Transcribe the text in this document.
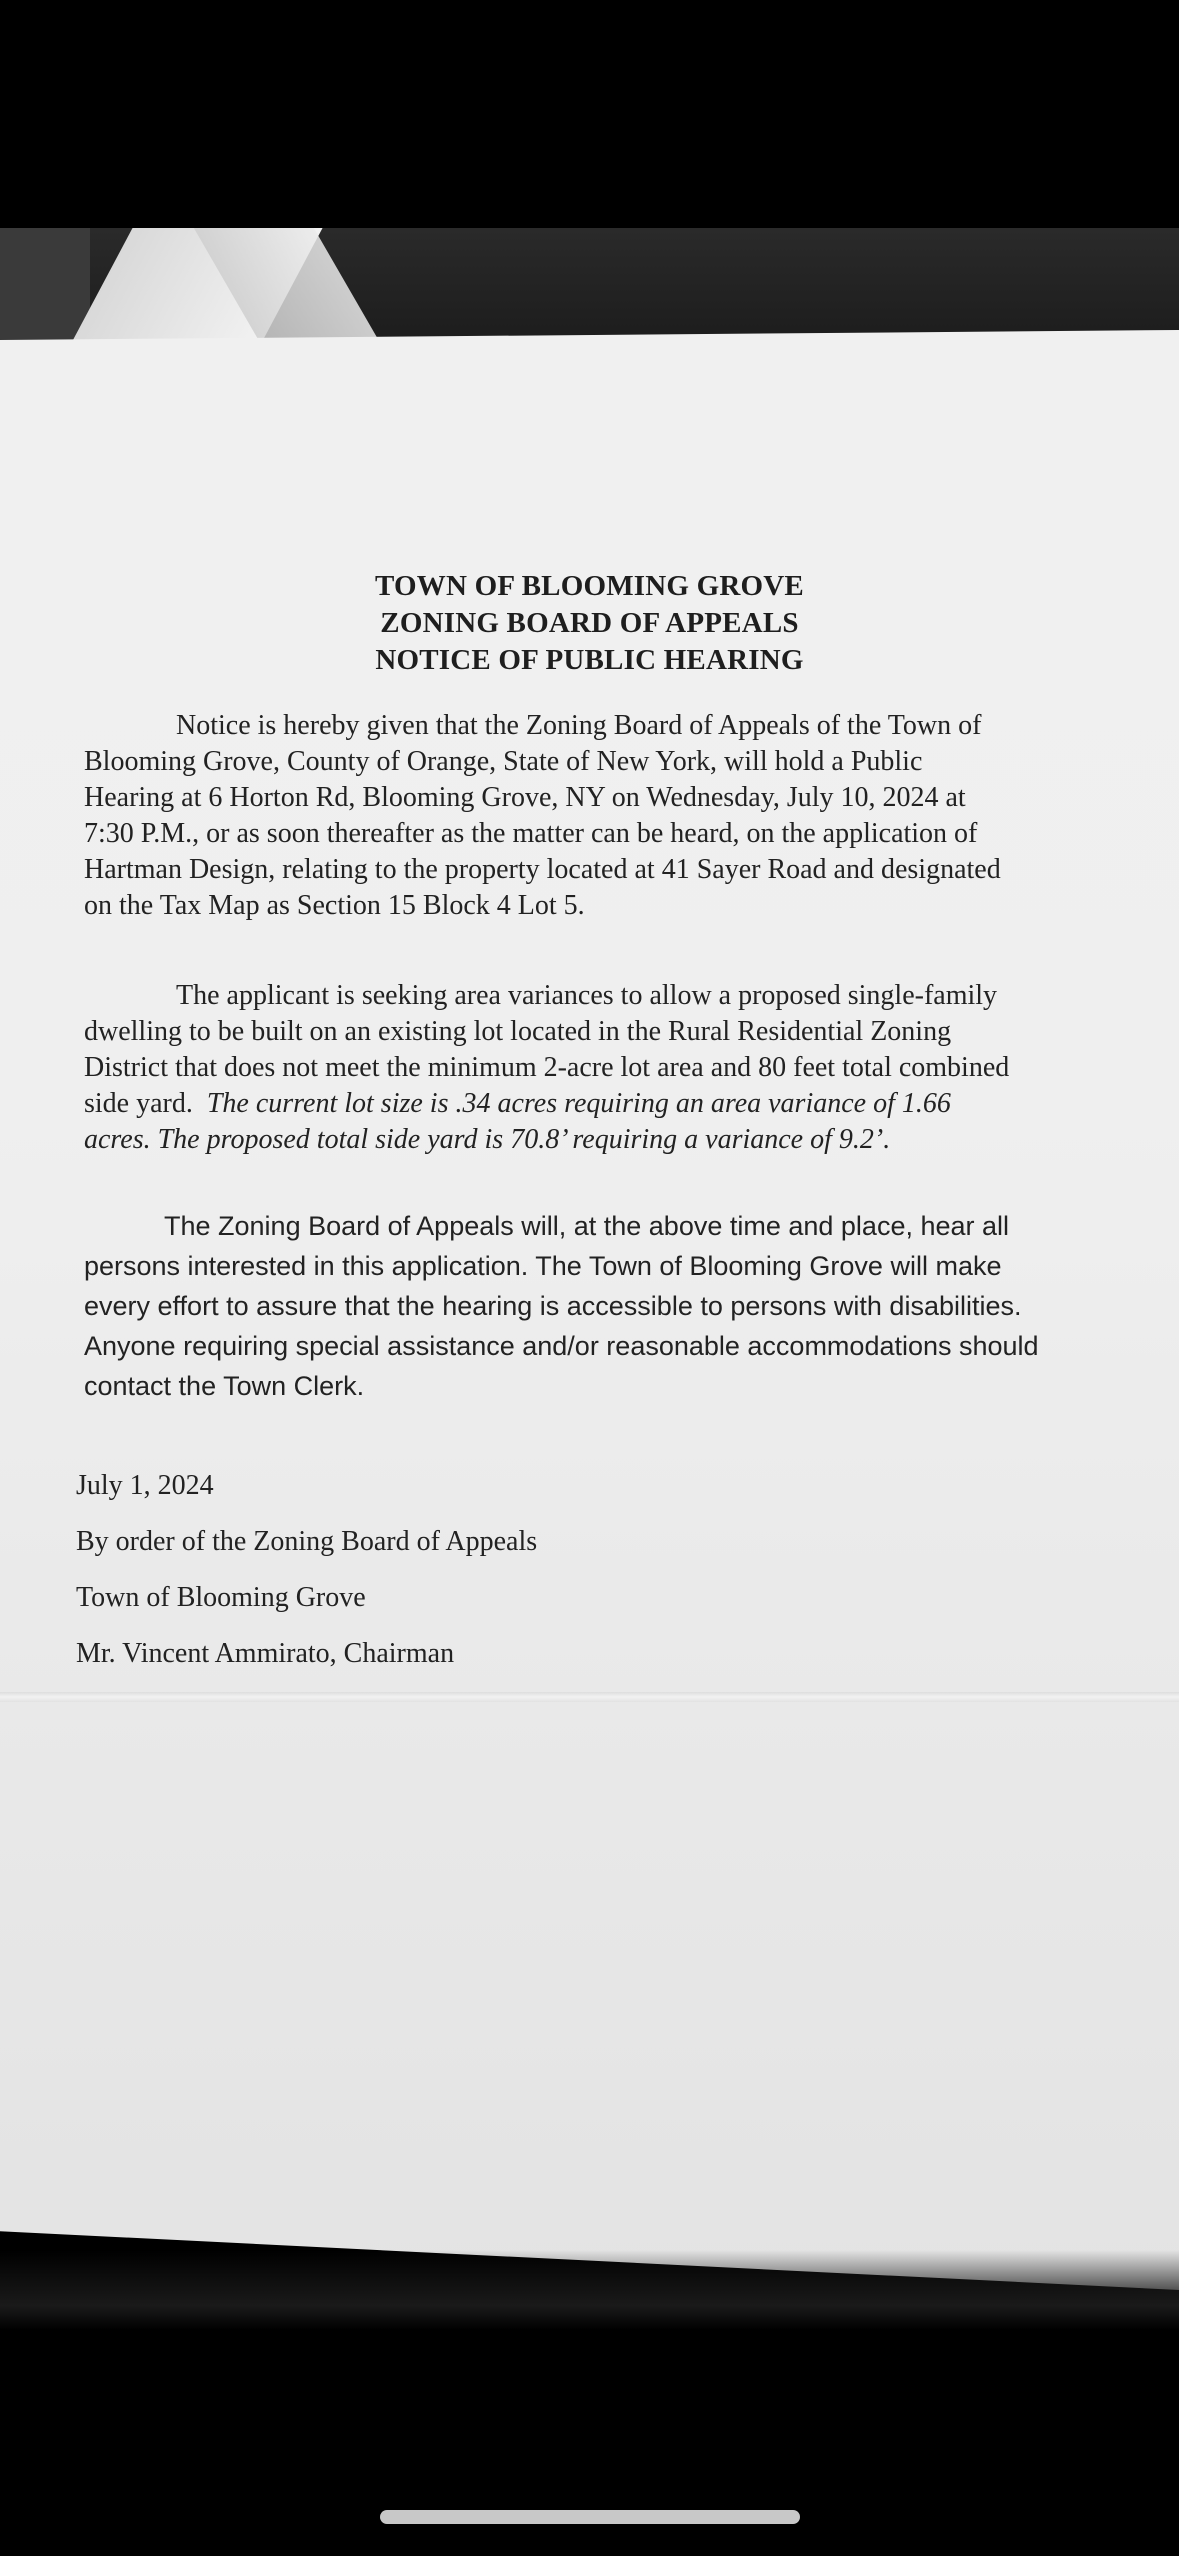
TOWN OF BLOOMING GROVE
ZONING BOARD OF APPEALS
NOTICE OF PUBLIC HEARING
Notice is hereby given that the Zoning Board of Appeals of the Town of
Blooming Grove, County of Orange, State of New York, will hold a Public
Hearing at 6 Horton Rd, Blooming Grove, NY on Wednesday, July 10, 2024 at
7:30 P.M., or as soon thereafter as the matter can be heard, on the application of
Hartman Design, relating to the property located at 41 Sayer Road and designated
on the Tax Map as Section 15 Block 4 Lot 5.
The applicant is seeking area variances to allow a proposed single-family
dwelling to be built on an existing lot located in the Rural Residential Zoning
District that does not meet the minimum 2-acre lot area and 80 feet total combined
side yard. The current lot size is .34 acres requiring an area variance of 1.66
acres. The proposed total side yard is 70.8’ requiring a variance of 9.2’.
The Zoning Board of Appeals will, at the above time and place, hear all
persons interested in this application. The Town of Blooming Grove will make
every effort to assure that the hearing is accessible to persons with disabilities.
Anyone requiring special assistance and/or reasonable accommodations should
contact the Town Clerk.
July 1, 2024
By order of the Zoning Board of Appeals
Town of Blooming Grove
Mr. Vincent Ammirato, Chairman
